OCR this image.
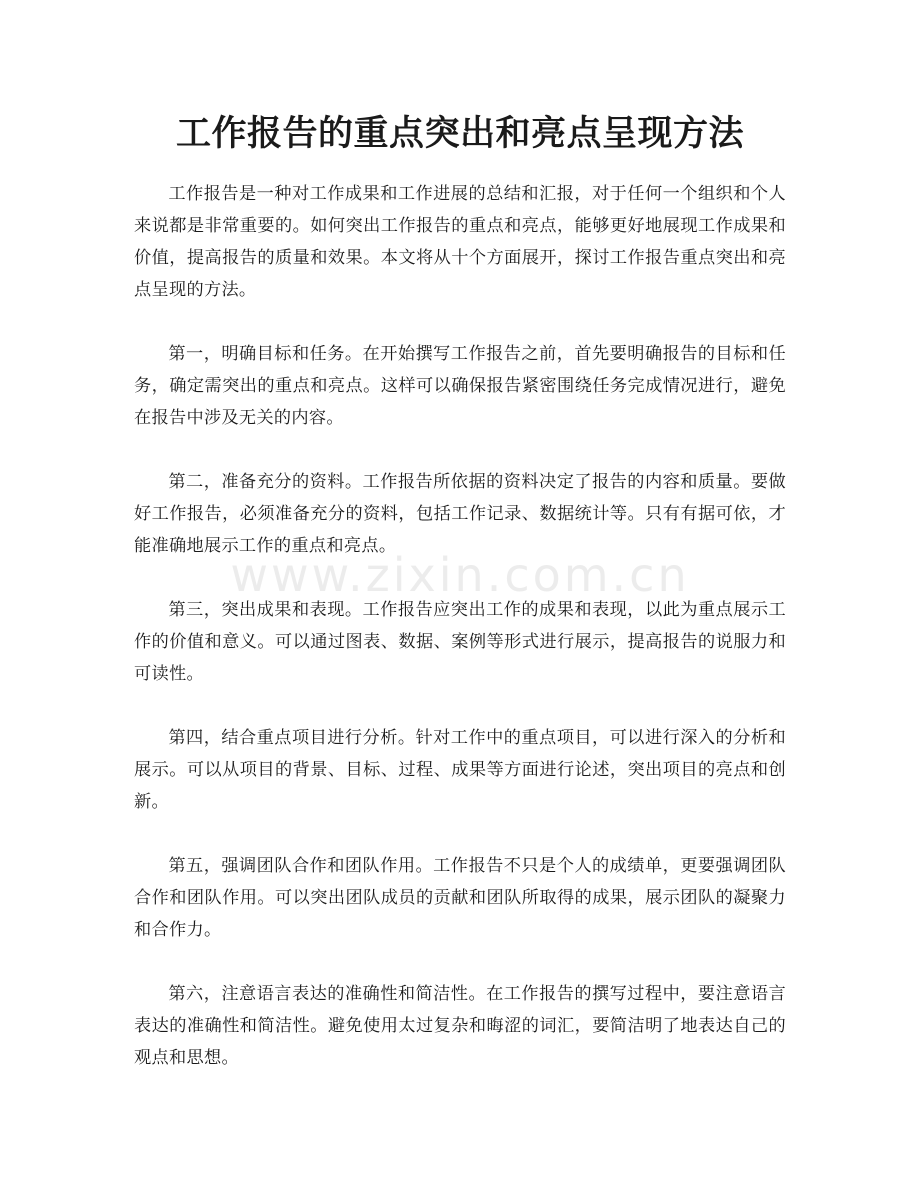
工作报告的重点突出和亮点呈现方法

工作报告是一种对工作成果和工作进展的总结和汇报，对于任何一个组织和个人来说都是非常重要的。如何突出工作报告的重点和亮点，能够更好地展现工作成果和价值，提高报告的质量和效果。本文将从十个方面展开，探讨工作报告重点突出和亮点呈现的方法。

第一，明确目标和任务。在开始撰写工作报告之前，首先要明确报告的目标和任务，确定需突出的重点和亮点。这样可以确保报告紧密围绕任务完成情况进行，避免在报告中涉及无关的内容。

第二，准备充分的资料。工作报告所依据的资料决定了报告的内容和质量。要做好工作报告，必须准备充分的资料，包括工作记录、数据统计等。只有有据可依，才能准确地展示工作的重点和亮点。

第三，突出成果和表现。工作报告应突出工作的成果和表现，以此为重点展示工作的价值和意义。可以通过图表、数据、案例等形式进行展示，提高报告的说服力和可读性。

第四，结合重点项目进行分析。针对工作中的重点项目，可以进行深入的分析和展示。可以从项目的背景、目标、过程、成果等方面进行论述，突出项目的亮点和创新。

第五，强调团队合作和团队作用。工作报告不只是个人的成绩单，更要强调团队合作和团队作用。可以突出团队成员的贡献和团队所取得的成果，展示团队的凝聚力和合作力。

第六，注意语言表达的准确性和简洁性。在工作报告的撰写过程中，要注意语言表达的准确性和简洁性。避免使用太过复杂和晦涩的词汇，要简洁明了地表达自己的观点和思想。

www.zixin.com.cn
